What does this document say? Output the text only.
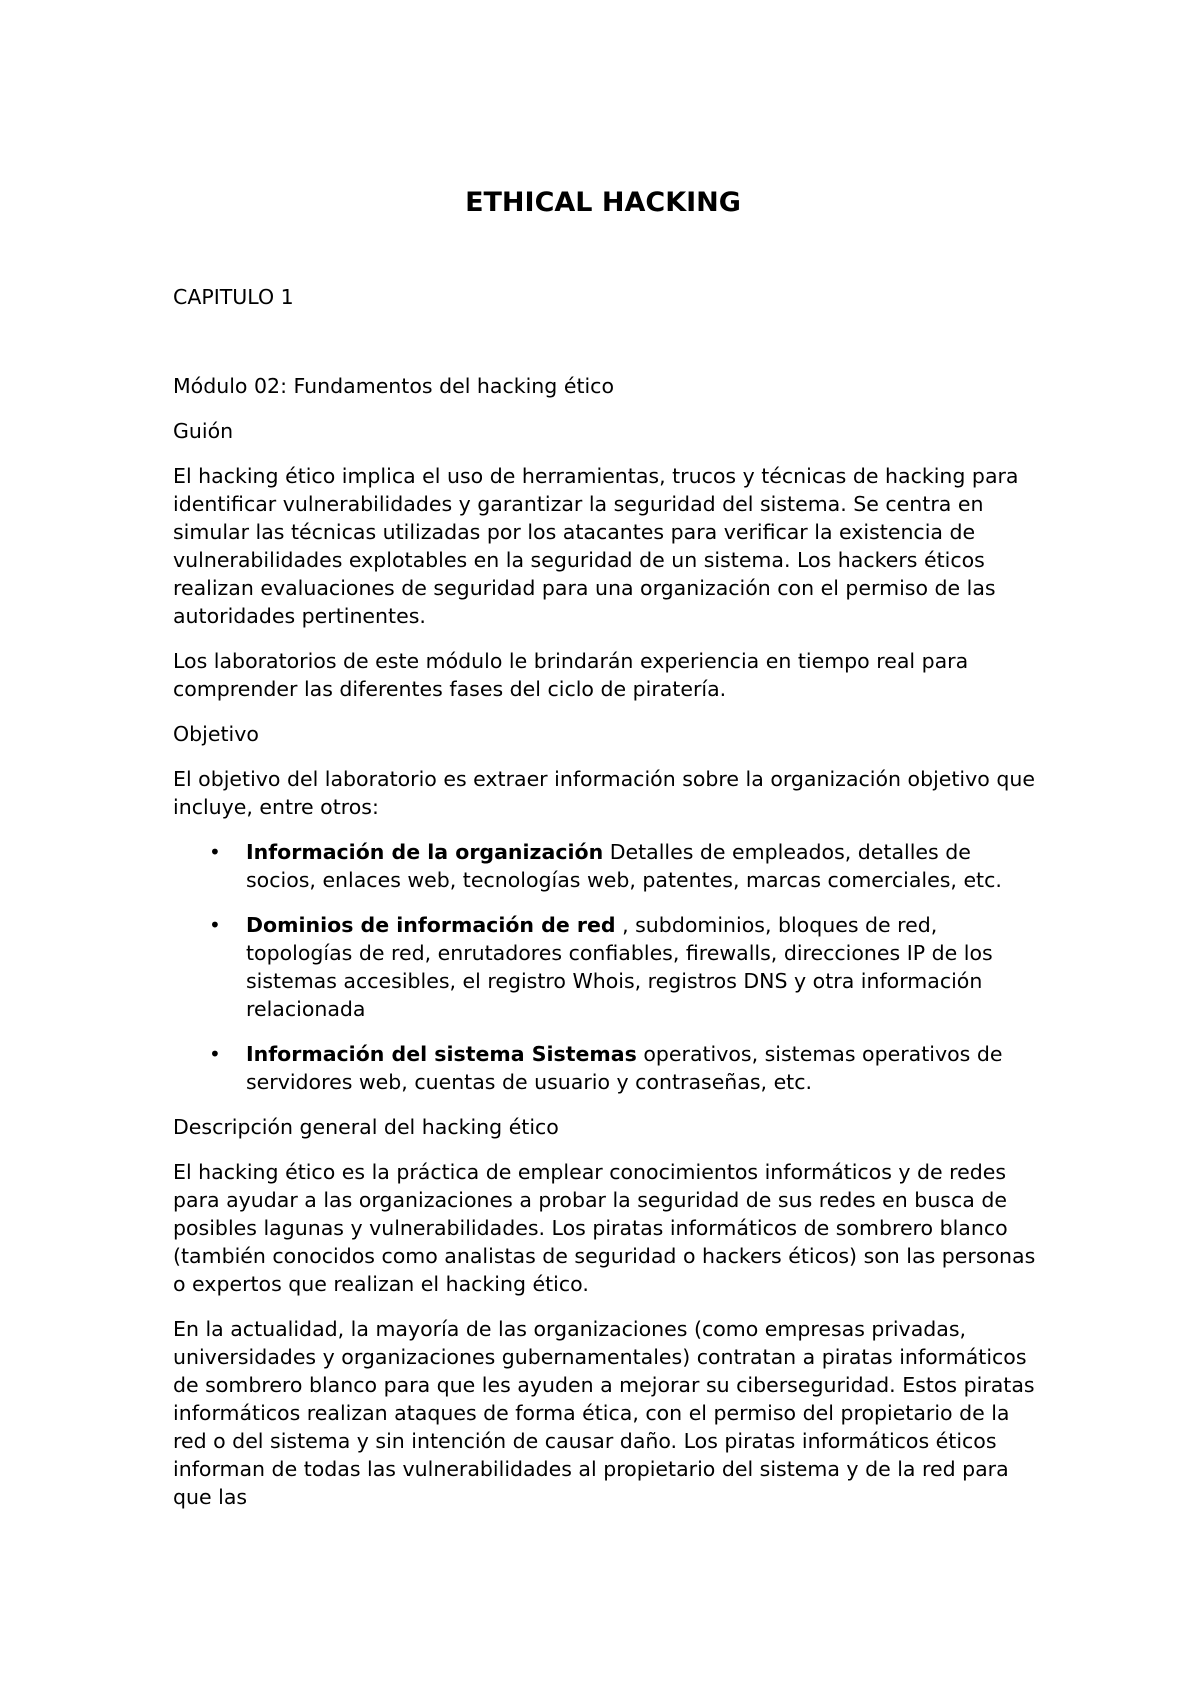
ETHICAL HACKING

CAPITULO 1

Módulo 02: Fundamentos del hacking ético

Guión

El hacking ético implica el uso de herramientas, trucos y técnicas de hacking para identificar vulnerabilidades y garantizar la seguridad del sistema. Se centra en simular las técnicas utilizadas por los atacantes para verificar la existencia de vulnerabilidades explotables en la seguridad de un sistema. Los hackers éticos realizan evaluaciones de seguridad para una organización con el permiso de las autoridades pertinentes.

Los laboratorios de este módulo le brindarán experiencia en tiempo real para comprender las diferentes fases del ciclo de piratería.

Objetivo

El objetivo del laboratorio es extraer información sobre la organización objetivo que incluye, entre otros:

• Información de la organización Detalles de empleados, detalles de socios, enlaces web, tecnologías web, patentes, marcas comerciales, etc.
• Dominios de información de red , subdominios, bloques de red, topologías de red, enrutadores confiables, firewalls, direcciones IP de los sistemas accesibles, el registro Whois, registros DNS y otra información relacionada
• Información del sistema Sistemas operativos, sistemas operativos de servidores web, cuentas de usuario y contraseñas, etc.

Descripción general del hacking ético

El hacking ético es la práctica de emplear conocimientos informáticos y de redes para ayudar a las organizaciones a probar la seguridad de sus redes en busca de posibles lagunas y vulnerabilidades. Los piratas informáticos de sombrero blanco (también conocidos como analistas de seguridad o hackers éticos) son las personas o expertos que realizan el hacking ético.

En la actualidad, la mayoría de las organizaciones (como empresas privadas, universidades y organizaciones gubernamentales) contratan a piratas informáticos de sombrero blanco para que les ayuden a mejorar su ciberseguridad. Estos piratas informáticos realizan ataques de forma ética, con el permiso del propietario de la red o del sistema y sin intención de causar daño. Los piratas informáticos éticos informan de todas las vulnerabilidades al propietario del sistema y de la red para que las
